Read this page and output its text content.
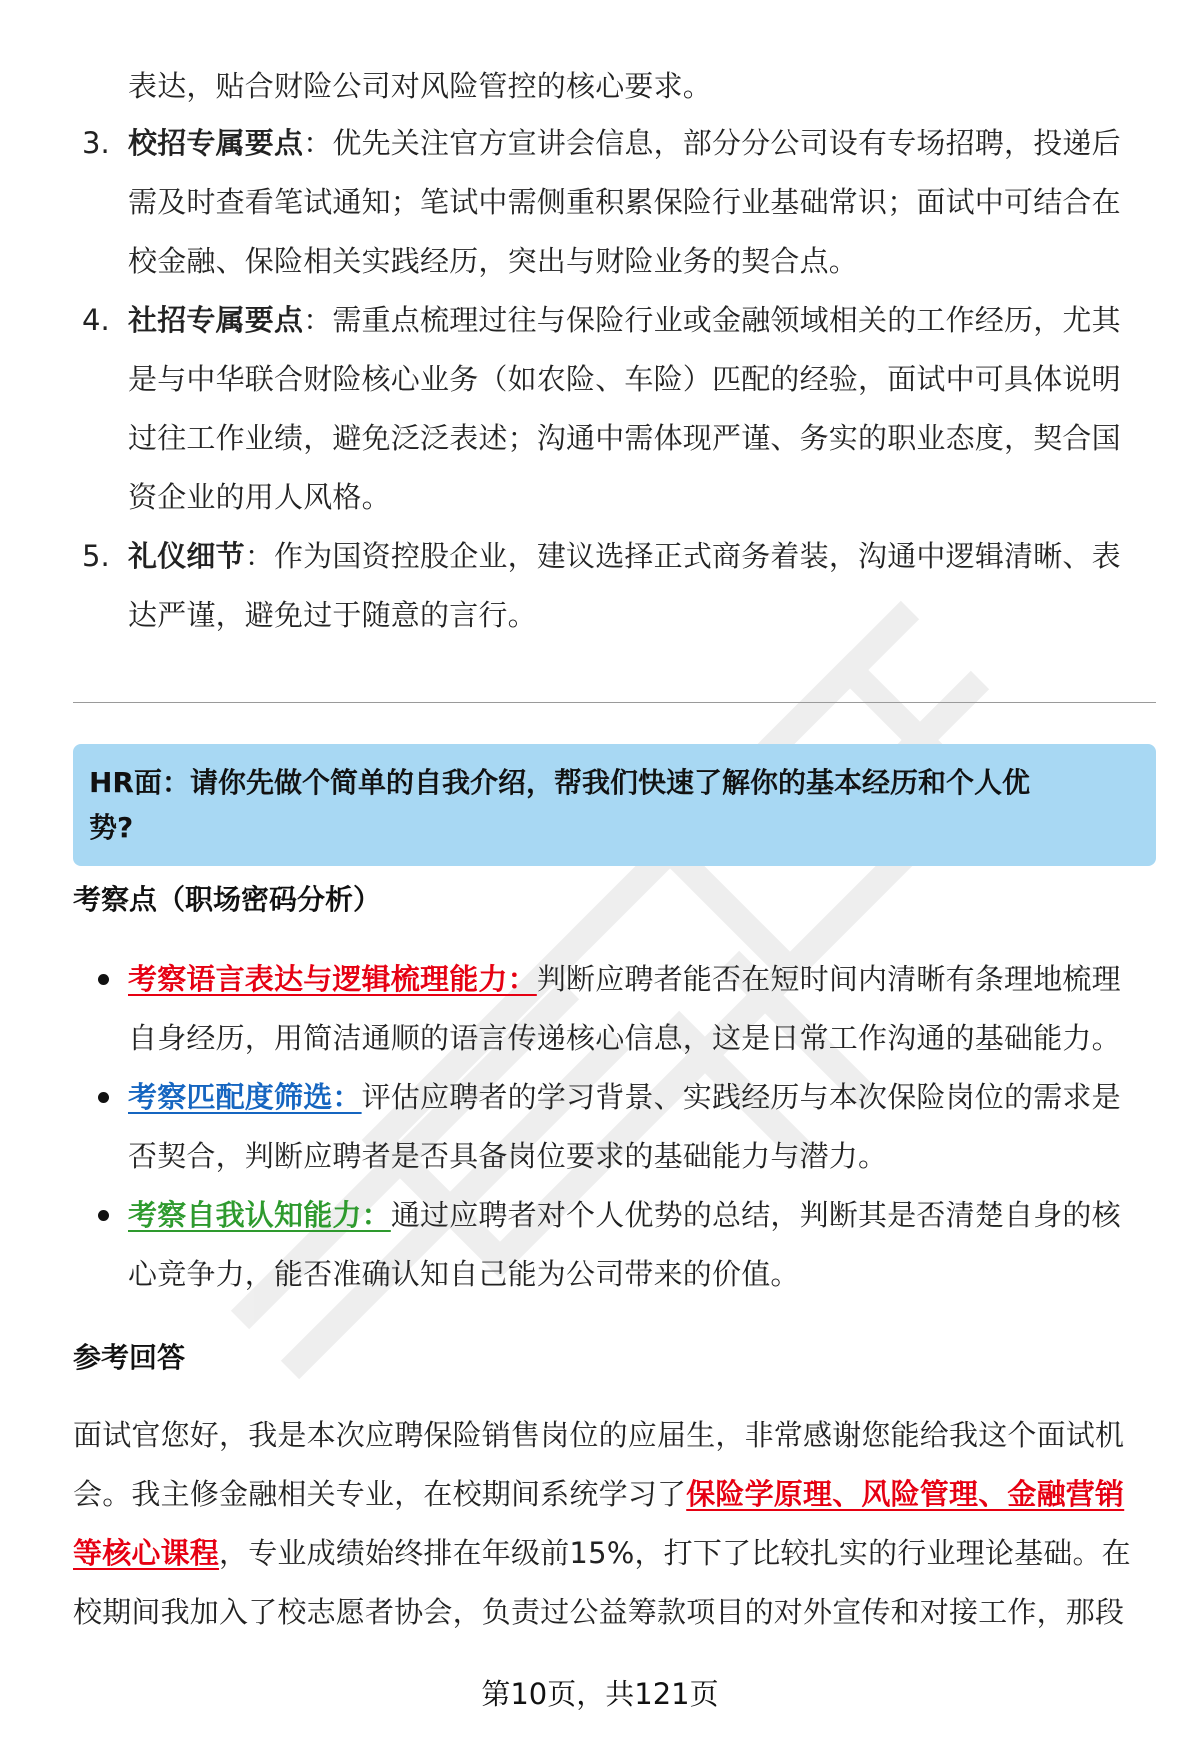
表达，贴合财险公司对风险管控的核心要求。
3. 校招专属要点：优先关注官方宣讲会信息，部分分公司设有专场招聘，投递后
需及时查看笔试通知；笔试中需侧重积累保险行业基础常识；面试中可结合在
校金融、保险相关实践经历，突出与财险业务的契合点。
4. 社招专属要点：需重点梳理过往与保险行业或金融领域相关的工作经历，尤其
是与中华联合财险核心业务（如农险、车险）匹配的经验，面试中可具体说明
过往工作业绩，避免泛泛表述；沟通中需体现严谨、务实的职业态度，契合国
资企业的用人风格。
5. 礼仪细节：作为国资控股企业，建议选择正式商务着装，沟通中逻辑清晰、表
达严谨，避免过于随意的言行。
HR面：请你先做个简单的自我介绍，帮我们快速了解你的基本经历和个人优
势?
考察点（职场密码分析）
考察语言表达与逻辑梳理能力：判断应聘者能否在短时间内清晰有条理地梳理
自身经历，用简洁通顺的语言传递核心信息，这是日常工作沟通的基础能力。
考察匹配度筛选：评估应聘者的学习背景、实践经历与本次保险岗位的需求是
否契合，判断应聘者是否具备岗位要求的基础能力与潜力。
考察自我认知能力：通过应聘者对个人优势的总结，判断其是否清楚自身的核
心竞争力，能否准确认知自己能为公司带来的价值。
参考回答
面试官您好，我是本次应聘保险销售岗位的应届生，非常感谢您能给我这个面试机
会。我主修金融相关专业，在校期间系统学习了保险学原理、风险管理、金融营销
等核心课程，专业成绩始终排在年级前15%，打下了比较扎实的行业理论基础。在
校期间我加入了校志愿者协会，负责过公益筹款项目的对外宣传和对接工作，那段
第10页，共121页
